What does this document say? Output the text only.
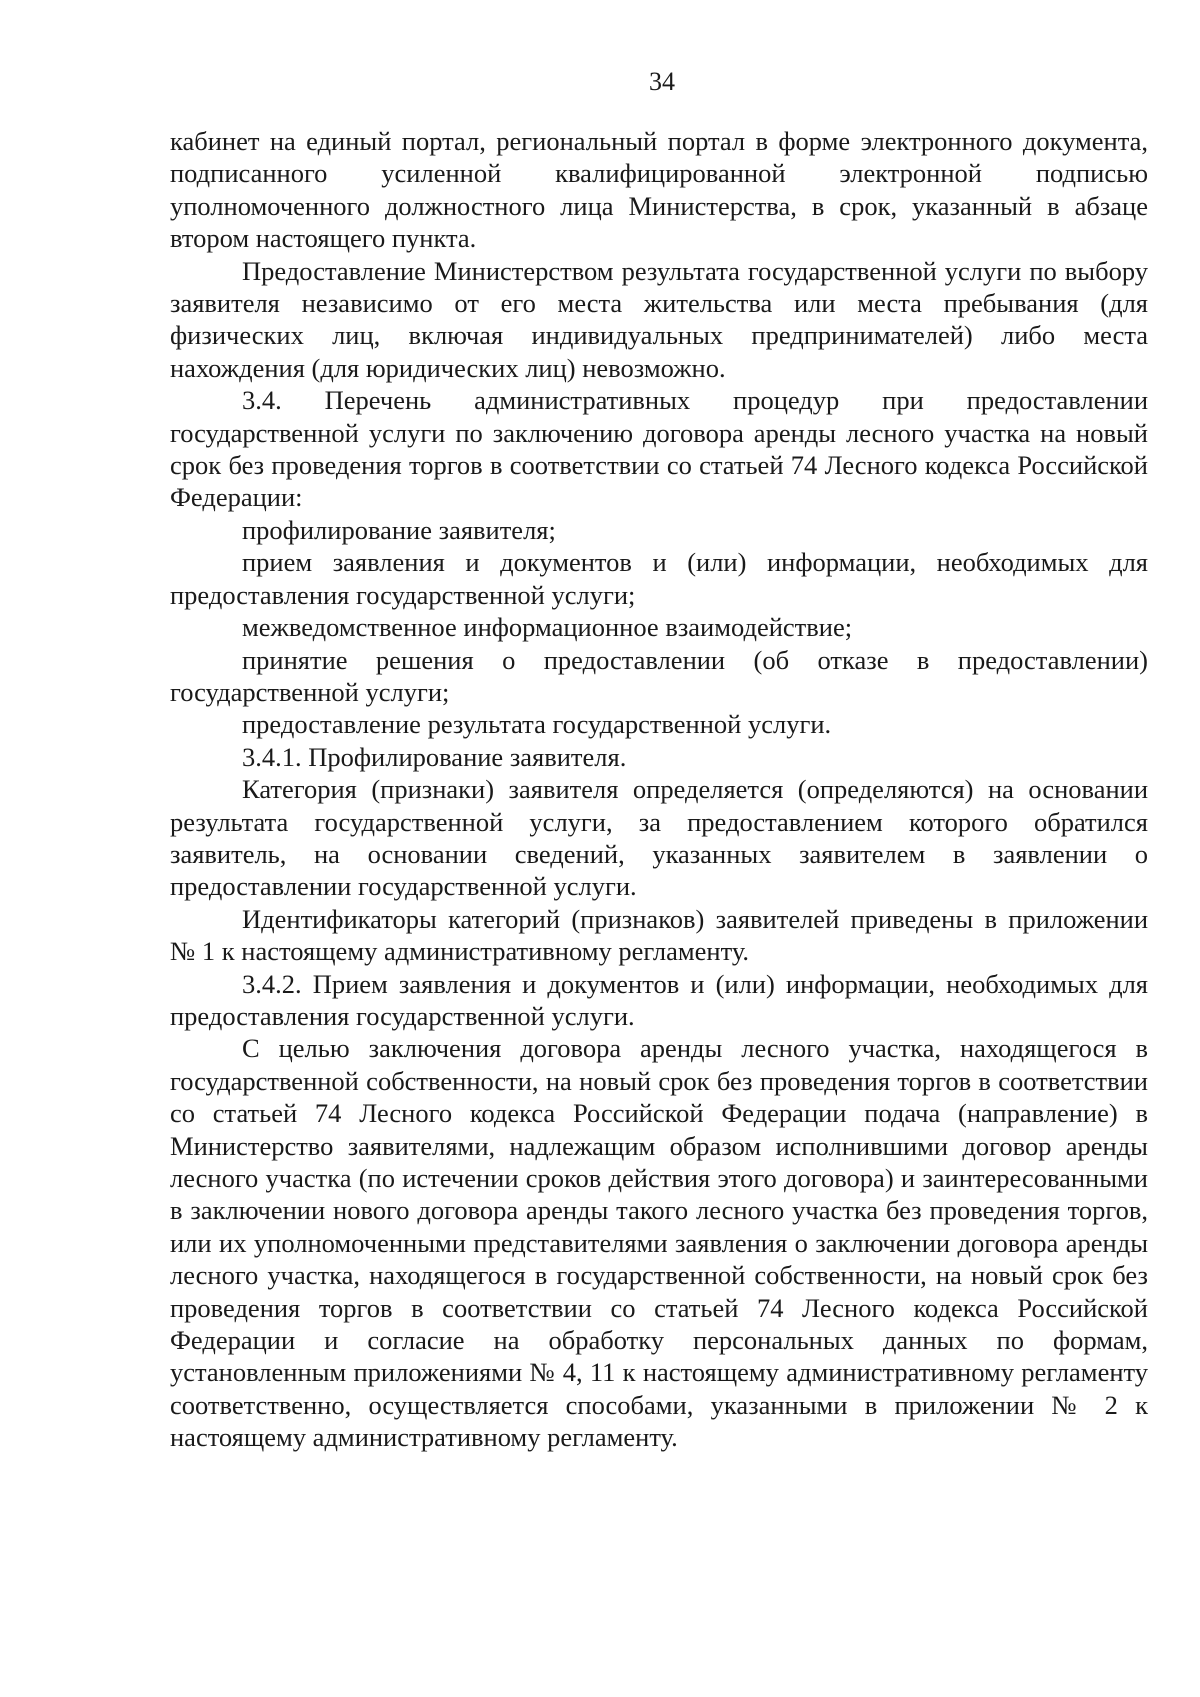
34

кабинет на единый портал, региональный портал в форме электронного документа, подписанного усиленной квалифицированной электронной подписью уполномоченного должностного лица Министерства, в срок, указанный в абзаце втором настоящего пункта.

Предоставление Министерством результата государственной услуги по выбору заявителя независимо от его места жительства или места пребывания (для физических лиц, включая индивидуальных предпринимателей) либо места нахождения (для юридических лиц) невозможно.

3.4. Перечень административных процедур при предоставлении государственной услуги по заключению договора аренды лесного участка на новый срок без проведения торгов в соответствии со статьей 74 Лесного кодекса Российской Федерации:

профилирование заявителя;

прием заявления и документов и (или) информации, необходимых для предоставления государственной услуги;

межведомственное информационное взаимодействие;

принятие решения о предоставлении (об отказе в предоставлении) государственной услуги;

предоставление результата государственной услуги.

3.4.1. Профилирование заявителя.

Категория (признаки) заявителя определяется (определяются) на основании результата государственной услуги, за предоставлением которого обратился заявитель, на основании сведений, указанных заявителем в заявлении о предоставлении государственной услуги.

Идентификаторы категорий (признаков) заявителей приведены в приложении № 1 к настоящему административному регламенту.

3.4.2. Прием заявления и документов и (или) информации, необходимых для предоставления государственной услуги.

С целью заключения договора аренды лесного участка, находящегося в государственной собственности, на новый срок без проведения торгов в соответствии со статьей 74 Лесного кодекса Российской Федерации подача (направление) в Министерство заявителями, надлежащим образом исполнившими договор аренды лесного участка (по истечении сроков действия этого договора) и заинтересованными в заключении нового договора аренды такого лесного участка без проведения торгов, или их уполномоченными представителями заявления о заключении договора аренды лесного участка, находящегося в государственной собственности, на новый срок без проведения торгов в соответствии со статьей 74 Лесного кодекса Российской Федерации и согласие на обработку персональных данных по формам, установленным приложениями № 4, 11 к настоящему административному регламенту соответственно, осуществляется способами, указанными в приложении № 2 к настоящему административному регламенту.
